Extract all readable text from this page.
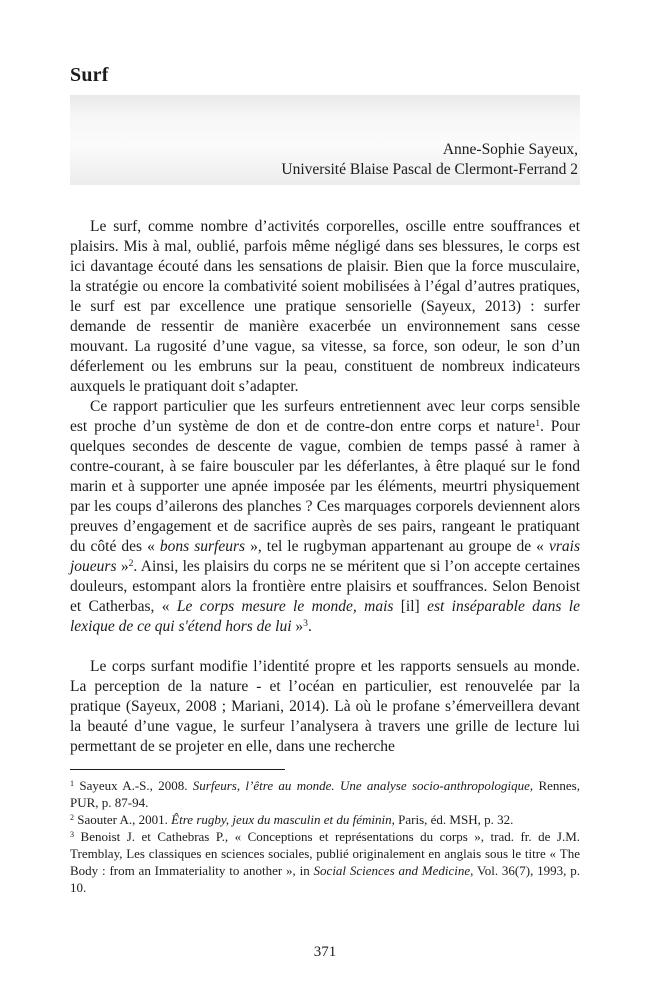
Surf
Anne-Sophie Sayeux,
Université Blaise Pascal de Clermont-Ferrand 2

Le surf, comme nombre d’activités corporelles, oscille entre souffrances et plaisirs. Mis à mal, oublié, parfois même négligé dans ses blessures, le corps est ici davantage écouté dans les sensations de plaisir. Bien que la force musculaire, la stratégie ou encore la combativité soient mobilisées à l’égal d’autres pratiques, le surf est par excellence une pratique sensorielle (Sayeux, 2013) : surfer demande de ressentir de manière exacerbée un environnement sans cesse mouvant. La rugosité d’une vague, sa vitesse, sa force, son odeur, le son d’un déferlement ou les embruns sur la peau, constituent de nombreux indicateurs auxquels le pratiquant doit s’adapter.

Ce rapport particulier que les surfeurs entretiennent avec leur corps sensible est proche d’un système de don et de contre-don entre corps et nature$^1$. Pour quelques secondes de descente de vague, combien de temps passé à ramer à contre-courant, à se faire bousculer par les déferlantes, à être plaqué sur le fond marin et à supporter une apnée imposée par les éléments, meurtri physiquement par les coups d’ailerons des planches ? Ces marquages corporels deviennent alors preuves d’engagement et de sacrifice auprès de ses pairs, rangeant le pratiquant du côté des « bons surfeurs », tel le rugbyman appartenant au groupe de « vrais joueurs »$^2$. Ainsi, les plaisirs du corps ne se méritent que si l’on accepte certaines douleurs, estompant alors la frontière entre plaisirs et souffrances. Selon Benoist et Catherbas, « Le corps mesure le monde, mais [il] est inséparable dans le lexique de ce qui s'étend hors de lui »$^3$.

Le corps surfant modifie l’identité propre et les rapports sensuels au monde. La perception de la nature - et l’océan en particulier, est renouvelée par la pratique (Sayeux, 2008 ; Mariani, 2014). Là où le profane s’émerveillera devant la beauté d’une vague, le surfeur l’analysera à travers une grille de lecture lui permettant de se projeter en elle, dans une recherche

$^1$ Sayeux A.-S., 2008. Surfeurs, l’être au monde. Une analyse socio-anthropologique, Rennes, PUR, p. 87-94.

$^2$ Saouter A., 2001. Être rugby, jeux du masculin et du féminin, Paris, éd. MSH, p. 32.

$^3$ Benoist J. et Cathebras P., « Conceptions et représentations du corps », trad. fr. de J.M. Tremblay, Les classiques en sciences sociales, publié originalement en anglais sous le titre « The Body : from an Immateriality to another », in Social Sciences and Medicine, Vol. 36(7), 1993, p. 10.

371
